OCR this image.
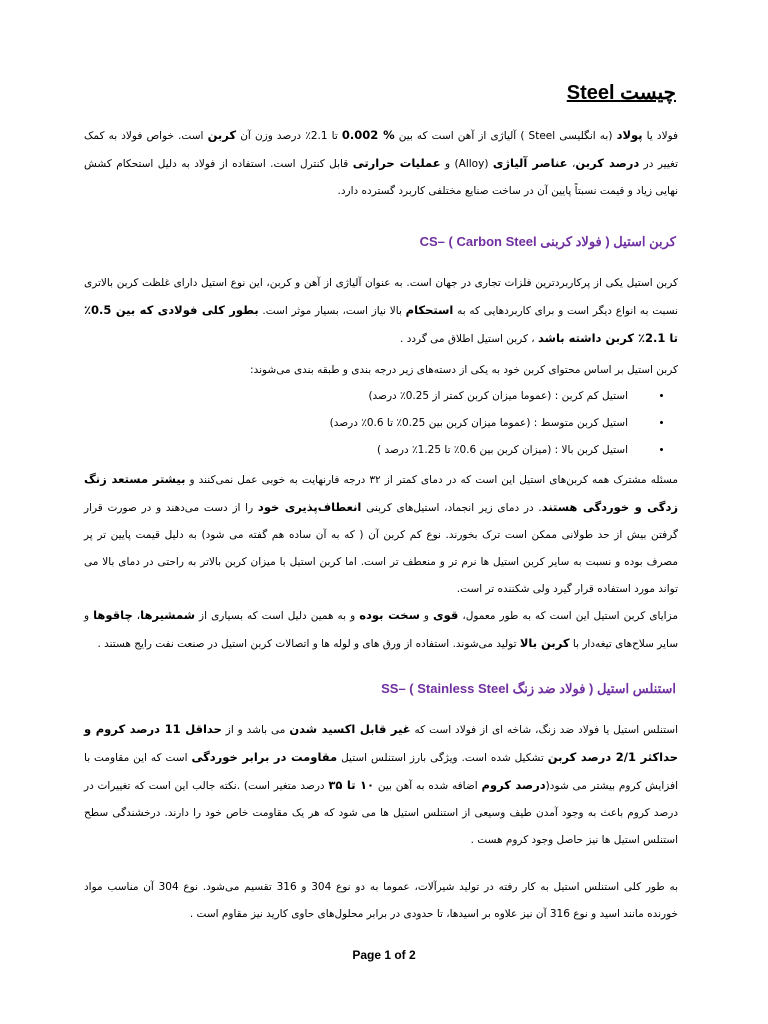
Steel چیست

فولاد یا پولاد (به انگلیسی Steel ) آلیاژی از آهن است که بین % 0.002 تا 2.1٪ درصد وزن آن کربن است. خواص فولاد به کمک تغییر در درصد کربن، عناصر آلیاژی (Alloy) و عملیات حرارتی قابل کنترل است. استفاده از فولاد به دلیل استحکام کشش نهایی زیاد و قیمت نسبتاً پایین آن در ساخت صنایع مختلفی کاربرد گسترده دارد.

کربن استیل ( فولاد کربنی Carbon Steel ) –CS

کربن استیل یکی از پرکاربردترین فلزات تجاری در جهان است. به عنوان آلیاژی از آهن و کربن، این نوع استیل دارای غلظت کربن بالاتری نسبت به انواع دیگر است و برای کاربردهایی که به استحکام بالا نیاز است، بسیار موثر است. بطور کلی فولادی که بین 0.5٪ تا 2.1٪ کربن داشته باشد ، کربن استیل اطلاق می گردد .

کربن استیل بر اساس محتوای کربن خود به یکی از دسته‌های زیر درجه بندی و طبقه بندی می‌شوند:

• استیل کم کربن : (عموما میزان کربن کمتر از 0.25٪ درصد)
• استیل کربن متوسط : (عموما میزان کربن بین 0.25٪ تا 0.6٪ درصد)
• استیل کربن بالا : (میزان کربن بین 0.6٪ تا 1.25٪ درصد )

مسئله مشترک همه کربن‌های استیل این است که در دمای کمتر از ۳۲ درجه فارنهایت به خوبی عمل نمی‌کنند و بیشتر مستعد زنگ زدگی و خوردگی هستند. در دمای زیر انجماد، استیل‌های کربنی انعطاف‌پذیری خود را از دست می‌دهند و در صورت قرار گرفتن بیش از حد طولانی ممکن است ترک بخورند. نوع کم کربن آن ( که به آن ساده هم گفته می شود) به دلیل قیمت پایین تر پر مصرف بوده و نسبت به سایر کربن استیل ها نرم تر و منعطف تر است. اما کربن استیل با میزان کربن بالاتر به راحتی در دمای بالا می تواند مورد استفاده قرار گیرد ولی شکننده تر است.

مزایای کربن استیل این است که به طور معمول، قوی و سخت بوده و به همین دلیل است که بسیاری از شمشیرها، چاقوها و سایر سلاح‌های تیغه‌دار با کربن بالا تولید می‌شوند. استفاده از ورق های و لوله ها و اتصالات کربن استیل در صنعت نفت رایج هستند .

استنلس استیل ( فولاد ضد زنگ Stainless Steel ) –SS

استنلس استیل یا فولاد ضد زنگ، شاخه ای از فولاد است که غیر قابل اکسید شدن می باشد و از حداقل 11 درصد کروم و حداکثر 2/1 درصد کربن تشکیل شده است. ویژگی بارز استنلس استیل مقاومت در برابر خوردگی است که این مقاومت با افزایش کروم بیشتر می شود(درصد کروم اضافه شده به آهن بین ۱۰ تا ۳۵ درصد متغیر است) .نکته جالب این است که تغییرات در درصد کروم باعث به وجود آمدن طیف وسیعی از استنلس استیل ها می شود که هر یک مقاومت خاص خود را دارند. درخشندگی سطح استنلس استیل ها نیز حاصل وجود کروم هست .

به طور کلی استنلس استیل به کار رفته در تولید شیرآلات، عموما به دو نوع 304 و 316 تقسیم می‌شود. نوع 304 آن مناسب مواد خورنده مانند اسید و نوع 316 آن نیز علاوه بر اسیدها، تا حدودی در برابر محلول‌های حاوی کارید نیز مقاوم است .

Page 1 of 2
